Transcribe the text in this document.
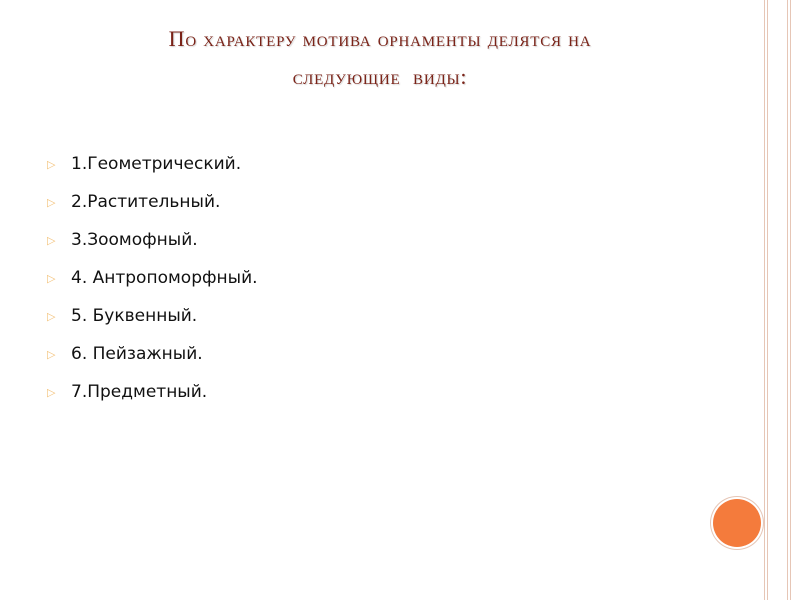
По характеру мотива орнаменты делятся на
следующие  виды:
▷ 1.Геометрический.
▷ 2.Растительный.
▷ 3.Зоомофный.
▷ 4. Антропоморфный.
▷ 5. Буквенный.
▷ 6. Пейзажный.
▷ 7.Предметный.
